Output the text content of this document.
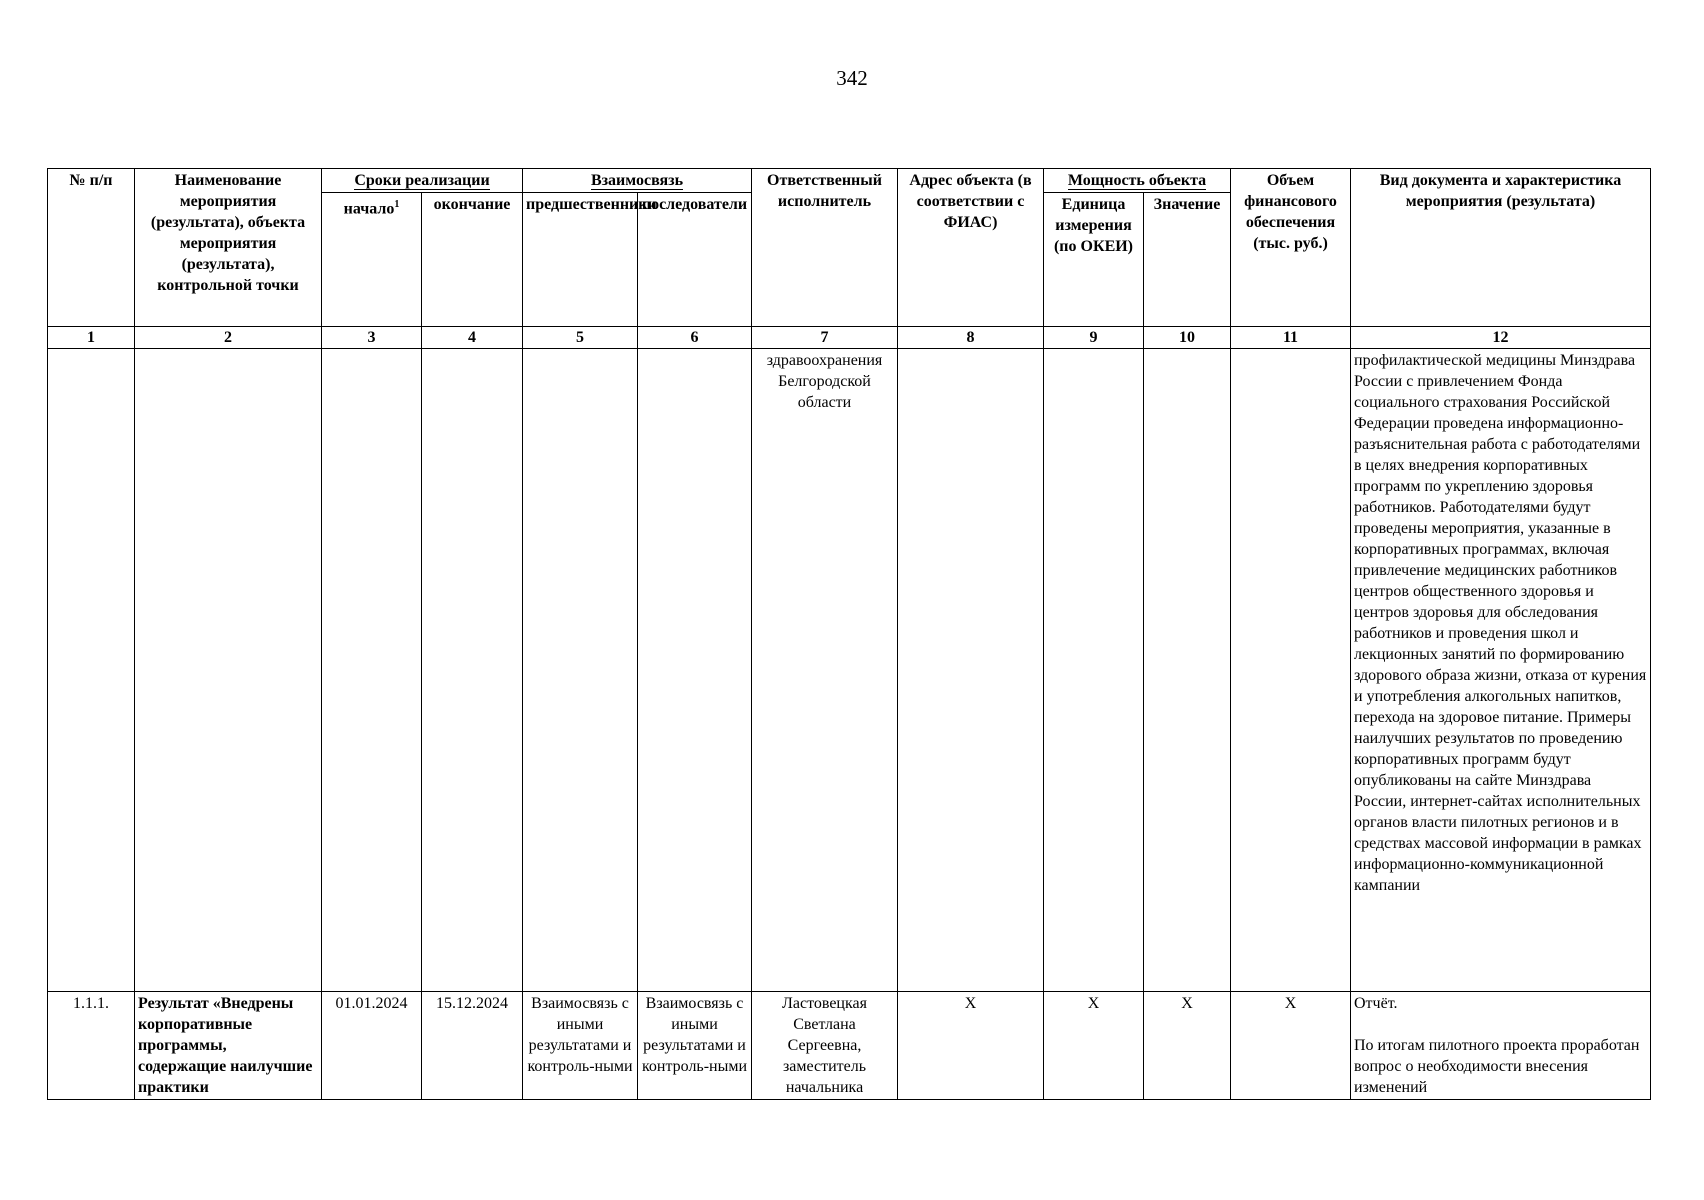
342
№ п/п	Наименование мероприятия (результата), объекта мероприятия (результата), контрольной точки	Сроки реализации		Взаимосвязь		Ответственный исполнитель	Адрес объекта (в соответствии с ФИАС)	Мощность объекта		Объем финансового обеспечения (тыс. руб.)	Вид документа и характеристика мероприятия (результата)
		начало$^1$	окончание	предшественники	последователи			Единица измерения (по ОКЕИ)	Значение		
1	2	3	4	5	6	7	8	9	10	11	12
						здравоохранения Белгородской области					профилактической медицины Минздрава России с привлечением Фонда социального страхования Российской Федерации проведена информационно-разъяснительная работа с работодателями в целях внедрения корпоративных программ по укреплению здоровья работников. Работодателями будут проведены мероприятия, указанные в корпоративных программах, включая привлечение медицинских работников центров общественного здоровья и центров здоровья для обследования работников и проведения школ и лекционных занятий по формированию здорового образа жизни, отказа от курения и употребления алкогольных напитков, перехода на здоровое питание. Примеры наилучших результатов по проведению корпоративных программ будут опубликованы на сайте Минздрава России, интернет-сайтах исполнительных органов власти пилотных регионов и в средствах массовой информации в рамках информационно-коммуникационной кампании
1.1.1.	Результат «Внедрены корпоративные программы, содержащие наилучшие практики	01.01.2024	15.12.2024	Взаимосвязь с иными результатами и контроль-ными	Взаимосвязь с иными результатами и контроль-ными	Ластовецкая Светлана Сергеевна, заместитель начальника	X	X	X	X	Отчёт.
По итогам пилотного проекта проработан вопрос о необходимости внесения изменений
